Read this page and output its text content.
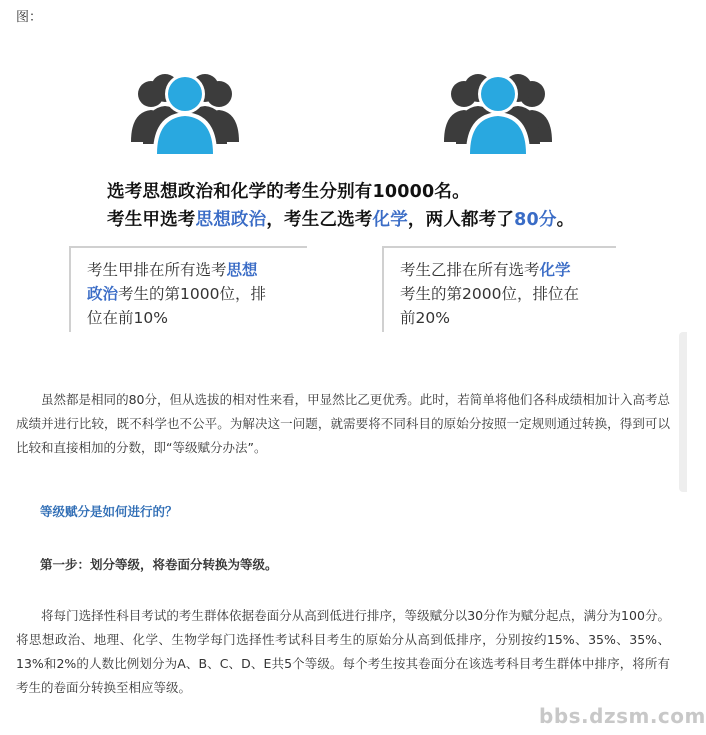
图：
选考思想政治和化学的考生分别有10000名。
考生甲选考思想政治，考生乙选考化学，两人都考了80分。
考生甲排在所有选考思想
政治考生的第1000位，排
位在前10%
考生乙排在所有选考化学
考生的第2000位，排位在
前20%
虽然都是相同的80分，但从选拔的相对性来看，甲显然比乙更优秀。此时，若简单将他们各科成绩相加计入高考总成绩并进行比较，既不科学也不公平。为解决这一问题，就需要将不同科目的原始分按照一定规则通过转换，得到可以比较和直接相加的分数，即“等级赋分办法”。
等级赋分是如何进行的？
第一步：划分等级，将卷面分转换为等级。
将每门选择性科目考试的考生群体依据卷面分从高到低进行排序，等级赋分以30分作为赋分起点，满分为100分。将思想政治、地理、化学、生物学每门选择性考试科目考生的原始分从高到低排序，分别按约15%、35%、35%、13%和2%的人数比例划分为A、B、C、D、E共5个等级。每个考生按其卷面分在该选考科目考生群体中排序，将所有考生的卷面分转换至相应等级。
bbs.dzsm.com
